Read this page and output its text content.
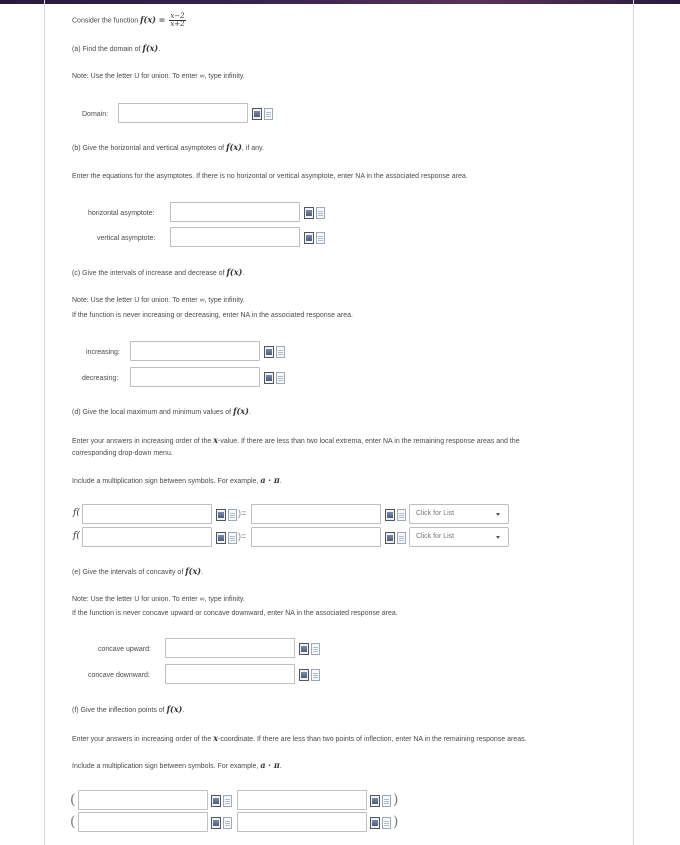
Consider the function $f(x) = \frac{x-2}{x+2}$
(a) Find the domain of f(x).
Note: Use the letter U for union. To enter ∞, type infinity.
Domain:
(b) Give the horizontal and vertical asymptotes of f(x), if any.
Enter the equations for the asymptotes. If there is no horizontal or vertical asymptote, enter NA in the associated response area.
horizontal asymptote:
vertical asymptote:
(c) Give the intervals of increase and decrease of f(x).
Note: Use the letter U for union. To enter ∞, type infinity.
If the function is never increasing or decreasing, enter NA in the associated response area.
increasing:
decreasing:
(d) Give the local maximum and minimum values of f(x).
Enter your answers in increasing order of the x-value. If there are less than two local extrema, enter NA in the remaining response areas and the
corresponding drop-down menu.
Include a multiplication sign between symbols. For example, a · π.
f(	)=	Click for List
f(	)=	Click for List
(e) Give the intervals of concavity of f(x).
Note: Use the letter U for union. To enter ∞, type infinity.
If the function is never concave upward or concave downward, enter NA in the associated response area.
concave upward:
concave downward:
(f) Give the inflection points of f(x).
Enter your answers in increasing order of the x-coordinate. If there are less than two points of inflection, enter NA in the remaining response areas.
Include a multiplication sign between symbols. For example, a · π.
(	)
(	)
